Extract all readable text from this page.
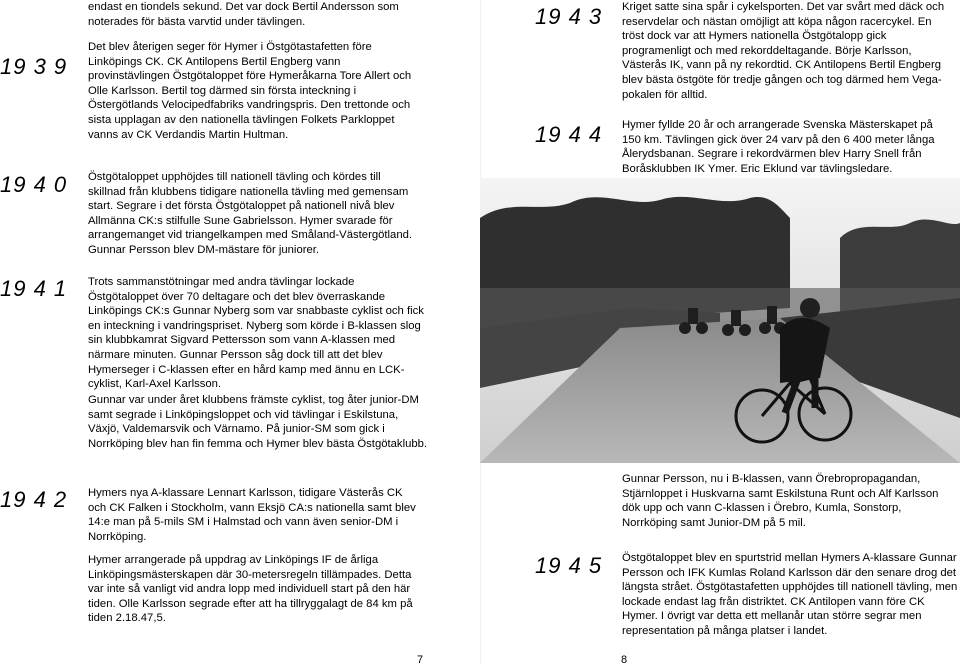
endast en tiondels sekund. Det var dock Bertil Andersson som noterades för bästa varvtid under tävlingen.

19 3 9

Det blev återigen seger för Hymer i Östgötastafetten före Linköpings CK. CK Antilopens Bertil Engberg vann provinstävlingen Östgötaloppet före Hymeråkarna Tore Allert och Olle Karlsson. Bertil tog därmed sin första inteckning i Östergötlands Velocipedfabriks vandringspris. Den trettonde och sista upplagan av den nationella tävlingen Folkets Parkloppet vanns av CK Verdandis Martin Hultman.

19 4 0 Östgötaloppet upphöjdes till nationell tävling och kördes till skillnad från klubbens tidigare nationella tävling med gemensam start. Segrare i det första Östgötaloppet på nationell nivå blev Allmänna CK:s stilfulle Sune Gabrielsson. Hymer svarade för arrangemanget vid triangelkampen med Småland-Västergötland. Gunnar Persson blev DM-mästare för juniorer.

19 4 1 Trots sammanstötningar med andra tävlingar lockade Östgötaloppet över 70 deltagare och det blev överraskande Linköpings CK:s Gunnar Nyberg som var snabbaste cyklist och fick en inteckning i vandringspriset. Nyberg som körde i B-klassen slog sin klubbkamrat Sigvard Pettersson som vann A-klassen med närmare minuten. Gunnar Persson såg dock till att det blev Hymerseger i C-klassen efter en hård kamp med ännu en LCK-cyklist, Karl-Axel Karlsson.

Gunnar var under året klubbens främste cyklist, tog åter junior-DM samt segrade i Linköpingsloppet och vid tävlingar i Eskilstuna, Växjö, Valdemarsvik och Värnamo. På junior-SM som gick i Norrköping blev han fin femma och Hymer blev bästa Östgötaklubb.

19 4 2 Hymers nya A-klassare Lennart Karlsson, tidigare Västerås CK och CK Falken i Stockholm, vann Eksjö CA:s nationella samt blev 14:e man på 5-mils SM i Halmstad och vann även senior-DM i Norrköping.

Hymer arrangerade på uppdrag av Linköpings IF de årliga Linköpingsmästerskapen där 30-metersregeln tillämpades. Detta var inte så vanligt vid andra lopp med individuell start på den här tiden. Olle Karlsson segrade efter att ha tillryggalagt de 84 km på tiden 2.18.47,5.

7
19 4 3 Kriget satte sina spår i cykelsporten. Det var svårt med däck och reservdelar och nästan omöjligt att köpa någon racercykel. En tröst dock var att Hymers nationella Östgötalopp gick programenligt och med rekorddeltagande. Börje Karlsson, Västerås IK, vann på ny rekordtid. CK Antilopens Bertil Engberg blev bästa östgöte för tredje gången och tog därmed hem Vega-pokalen för alltid.

19 4 4 Hymer fyllde 20 år och arrangerade Svenska Mästerskapet på 150 km. Tävlingen gick över 24 varv på den 6 400 meter långa Ålerydsbanan. Segrare i rekordvärmen blev Harry Snell från Boråsklubben IK Ymer. Eric Eklund var tävlingsledare.

Gunnar Persson, nu i B-klassen, vann Örebropropagandan, Stjärnloppet i Huskvarna samt Eskilstuna Runt och Alf Karlsson dök upp och vann C-klassen i Örebro, Kumla, Sonstorp, Norrköping samt Junior-DM på 5 mil.

19 4 5 Östgötaloppet blev en spurtstrid mellan Hymers A-klassare Gunnar Persson och IFK Kumlas Roland Karlsson där den senare drog det längsta strået. Östgötastafetten upphöjdes till nationell tävling, men lockade endast lag från distriktet. CK Antilopen vann före CK Hymer. I övrigt var detta ett mellanår utan större segrar men representation på många platser i landet.

8
